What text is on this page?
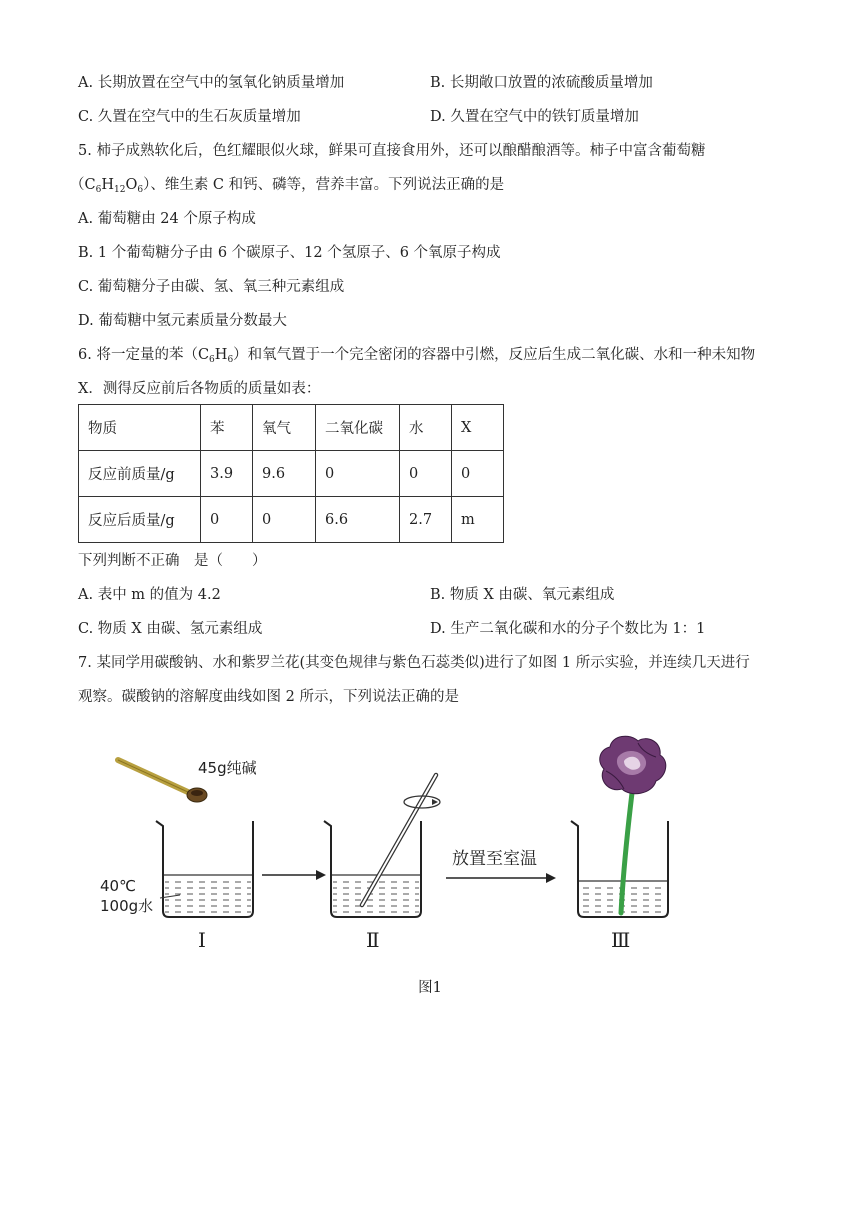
A. 长期放置在空气中的氢氧化钠质量增加	B. 长期敞口放置的浓硫酸质量增加
C. 久置在空气中的生石灰质量增加	D. 久置在空气中的铁钉质量增加
5. 柿子成熟软化后，色红耀眼似火球，鲜果可直接食用外，还可以酿醋酿酒等。柿子中富含葡萄糖
$(C_6H_{12}O_6)$、维生素 C 和钙、磷等，营养丰富。下列说法正确的是
A. 葡萄糖由 24 个原子构成
B. 1 个葡萄糖分子由 6 个碳原子、12 个氢原子、6 个氧原子构成
C. 葡萄糖分子由碳、氢、氧三种元素组成
D. 葡萄糖中氢元素质量分数最大
6. 将一定量的苯$(C_6H_6)$和氧气置于一个完全密闭的容器中引燃，反应后生成二氧化碳、水和一种未知物
X．测得反应前后各物质的质量如表：
物质	苯	氧气	二氧化碳	水	X
反应前质量/g	3.9	9.6	0	0	0
反应后质量/g	0	0	6.6	2.7	m
下列判断不正确　是（　　）
A. 表中 m 的值为 4.2	B. 物质 X 由碳、氧元素组成
C. 物质 X 由碳、氢元素组成	D. 生产二氧化碳和水的分子个数比为 1：1
7. 某同学用碳酸钠、水和紫罗兰花(其变色规律与紫色石蕊类似)进行了如图 1 所示实验，并连续几天进行
观察。碳酸钠的溶解度曲线如图 2 所示，下列说法正确的是
45g纯碱
40℃
100g水
Ⅰ	Ⅱ
放置至室温
Ⅲ
图1
